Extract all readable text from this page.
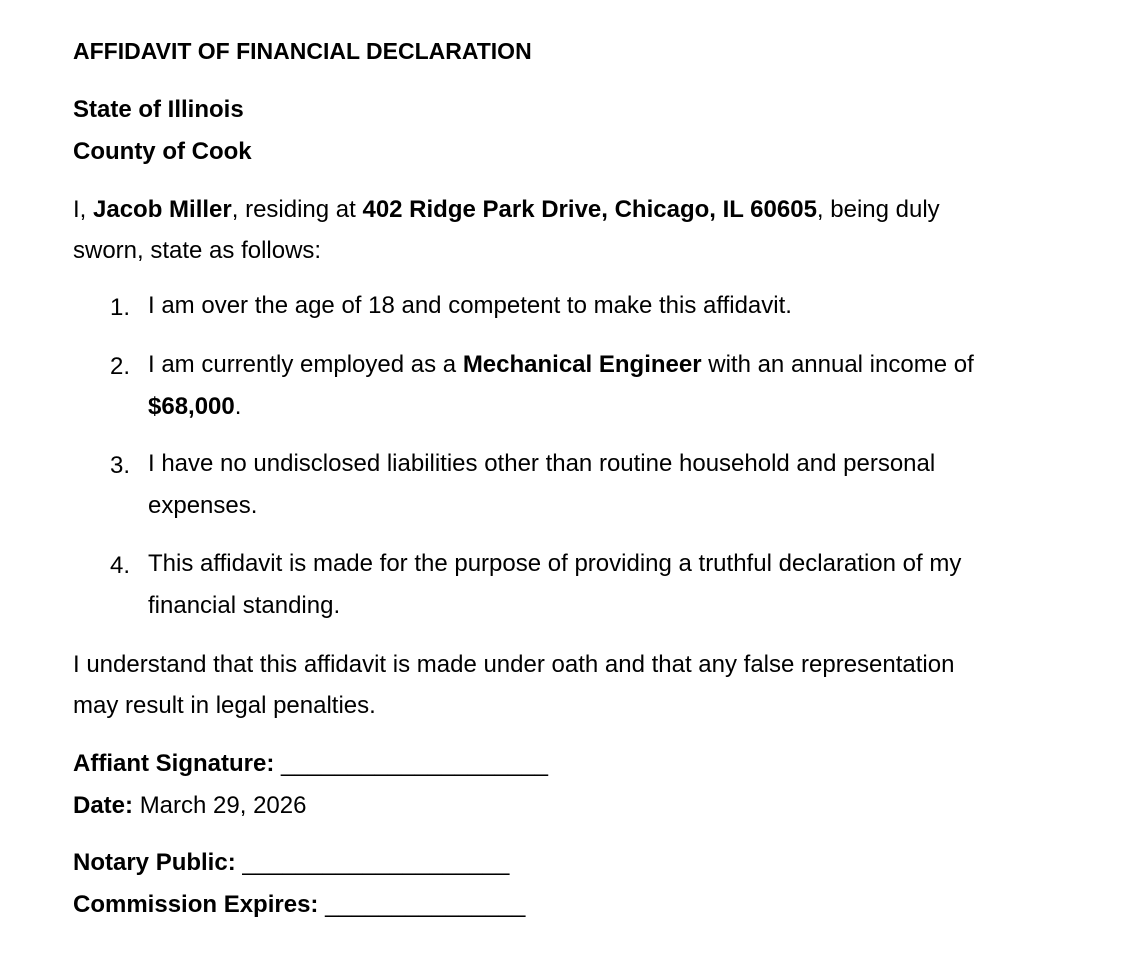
AFFIDAVIT OF FINANCIAL DECLARATION
State of Illinois
County of Cook
I, Jacob Miller, residing at 402 Ridge Park Drive, Chicago, IL 60605, being duly
sworn, state as follows:
1. I am over the age of 18 and competent to make this affidavit.
2. I am currently employed as a Mechanical Engineer with an annual income of
$68,000.
3. I have no undisclosed liabilities other than routine household and personal
expenses.
4. This affidavit is made for the purpose of providing a truthful declaration of my
financial standing.
I understand that this affidavit is made under oath and that any false representation
may result in legal penalties.
Affiant Signature: ____________________
Date: March 29, 2026
Notary Public: ____________________
Commission Expires: _______________
